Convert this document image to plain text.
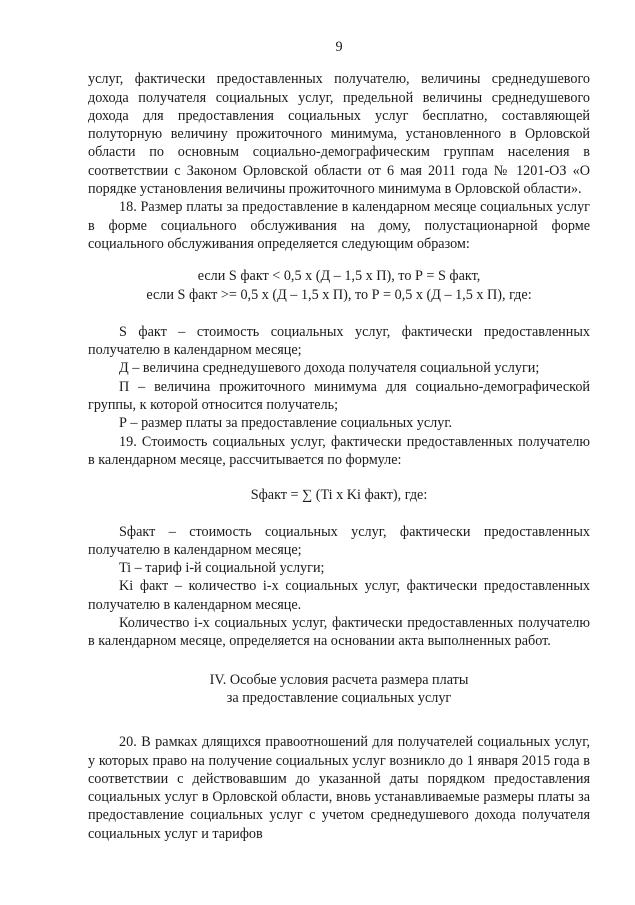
9

услуг, фактически предоставленных получателю, величины среднедушевого дохода получателя социальных услуг, предельной величины среднедушевого дохода для предоставления социальных услуг бесплатно, составляющей полуторную величину прожиточного минимума, установленного в Орловской области по основным социально-демографическим группам населения в соответствии с Законом Орловской области от 6 мая 2011 года № 1201-ОЗ «О порядке установления величины прожиточного минимума в Орловской области».

18. Размер платы за предоставление в календарном месяце социальных услуг в форме социального обслуживания на дому, полустационарной форме социального обслуживания определяется следующим образом:

если S факт < 0,5 х (Д – 1,5 х П), то Р = S факт,

если S факт >= 0,5 х (Д – 1,5 х П), то Р = 0,5 х (Д – 1,5 х П), где:

S факт – стоимость социальных услуг, фактически предоставленных получателю в календарном месяце;

Д – величина среднедушевого дохода получателя социальной услуги;

П – величина прожиточного минимума для социально-демографической группы, к которой относится получатель;

Р – размер платы за предоставление социальных услуг.

19. Стоимость социальных услуг, фактически предоставленных получателю в календарном месяце, рассчитывается по формуле:

Sфакт = ∑ (Ti х Ki факт), где:

Sфакт – стоимость социальных услуг, фактически предоставленных получателю в календарном месяце;

Ti – тариф i-й социальной услуги;

Ki факт – количество i-х социальных услуг, фактически предоставленных получателю в календарном месяце.

Количество i-х социальных услуг, фактически предоставленных получателю в календарном месяце, определяется на основании акта выполненных работ.

IV. Особые условия расчета размера платы
за предоставление социальных услуг

20. В рамках длящихся правоотношений для получателей социальных услуг, у которых право на получение социальных услуг возникло до 1 января 2015 года в соответствии с действовавшим до указанной даты порядком предоставления социальных услуг в Орловской области, вновь устанавливаемые размеры платы за предоставление социальных услуг с учетом среднедушевого дохода получателя социальных услуг и тарифов
